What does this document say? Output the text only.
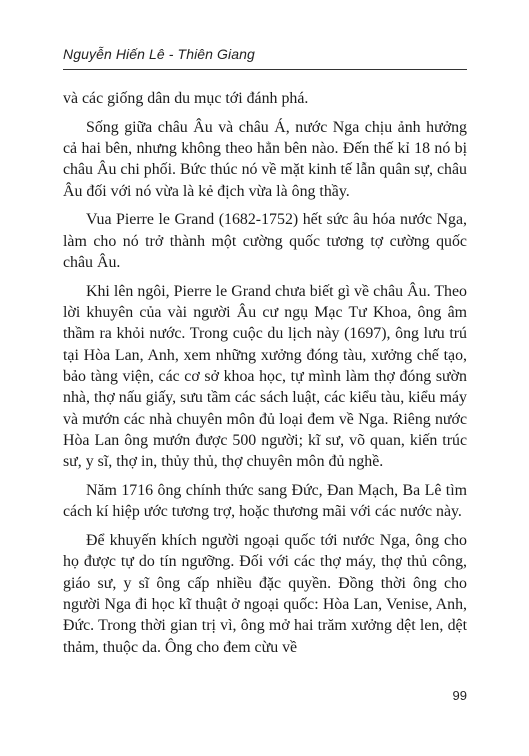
Nguyễn Hiến Lê - Thiên Giang

và các giống dân du mục tới đánh phá.

Sống giữa châu Âu và châu Á, nước Nga chịu ảnh hưởng cả hai bên, nhưng không theo hẳn bên nào. Đến thế kỉ 18 nó bị châu Âu chi phối. Bức thúc nó về mặt kinh tế lẫn quân sự, châu Âu đối với nó vừa là kẻ địch vừa là ông thầy.

Vua Pierre le Grand (1682-1752) hết sức âu hóa nước Nga, làm cho nó trở thành một cường quốc tương tợ cường quốc châu Âu.

Khi lên ngôi, Pierre le Grand chưa biết gì về châu Âu. Theo lời khuyên của vài người Âu cư ngụ Mạc Tư Khoa, ông âm thầm ra khỏi nước. Trong cuộc du lịch này (1697), ông lưu trú tại Hòa Lan, Anh, xem những xưởng đóng tàu, xưởng chế tạo, bảo tàng viện, các cơ sở khoa học, tự mình làm thợ đóng sườn nhà, thợ nấu giấy, sưu tầm các sách luật, các kiểu tàu, kiểu máy và mướn các nhà chuyên môn đủ loại đem về Nga. Riêng nước Hòa Lan ông mướn được 500 người; kĩ sư, võ quan, kiến trúc sư, y sĩ, thợ in, thủy thủ, thợ chuyên môn đủ nghề.

Năm 1716 ông chính thức sang Đức, Đan Mạch, Ba Lê tìm cách kí hiệp ước tương trợ, hoặc thương mãi với các nước này.

Để khuyến khích người ngoại quốc tới nước Nga, ông cho họ được tự do tín ngưỡng. Đối với các thợ máy, thợ thủ công, giáo sư, y sĩ ông cấp nhiều đặc quyền. Đồng thời ông cho người Nga đi học kĩ thuật ở ngoại quốc: Hòa Lan, Venise, Anh, Đức. Trong thời gian trị vì, ông mở hai trăm xưởng dệt len, dệt thảm, thuộc da. Ông cho đem cừu về

99
